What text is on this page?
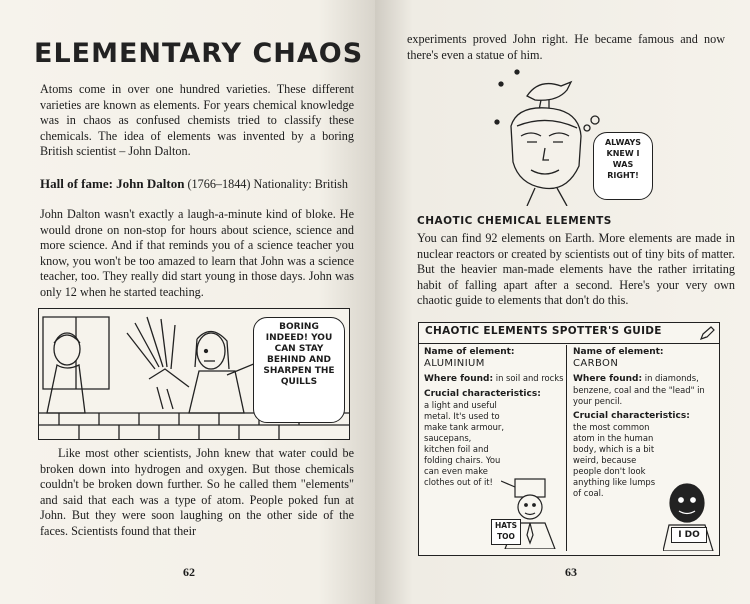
ELEMENTARY CHAOS

Atoms come in over one hundred varieties. These different varieties are known as elements. For years chemical knowledge was in chaos as confused chemists tried to classify these chemicals. The idea of elements was invented by a boring British scientist – John Dalton.

Hall of fame: John Dalton (1766–1844) Nationality: British

John Dalton wasn't exactly a laugh-a-minute kind of bloke. He would drone on non-stop for hours about science, science and more science. And if that reminds you of a science teacher you know, you won't be too amazed to learn that John was a science teacher, too. They really did start young in those days. John was only 12 when he started teaching.

BORING INDEED! YOU CAN STAY BEHIND AND SHARPEN THE QUILLS

Like most other scientists, John knew that water could be broken down into hydrogen and oxygen. But those chemicals couldn't be broken down further. So he called them "elements" and said that each was a type of atom. People poked fun at John. But they were soon laughing on the other side of the faces. Scientists found that their

62

experiments proved John right. He became famous and now there's even a statue of him.

ALWAYS KNEW I WAS RIGHT!
CHAOTIC CHEMICAL ELEMENTS

You can find 92 elements on Earth. More elements are made in nuclear reactors or created by scientists out of tiny bits of matter. But the heavier man-made elements have the rather irritating habit of falling apart after a second. Here's your very own chaotic guide to elements that don't do this.

CHAOTIC ELEMENTS SPOTTER'S GUIDE
Name of element:
ALUMINIUM
Where found: in soil and rocks
Crucial characteristics:
a light and useful metal. It's used to make tank armour, saucepans, kitchen foil and folding chairs. You can even make clothes out of it!
HATS TOO
Name of element:
CARBON
Where found: in diamonds, benzene, coal and the "lead" in your pencil.
Crucial characteristics:
the most common atom in the human body, which is a bit weird, because people don't look anything like lumps of coal.
I DO
63
